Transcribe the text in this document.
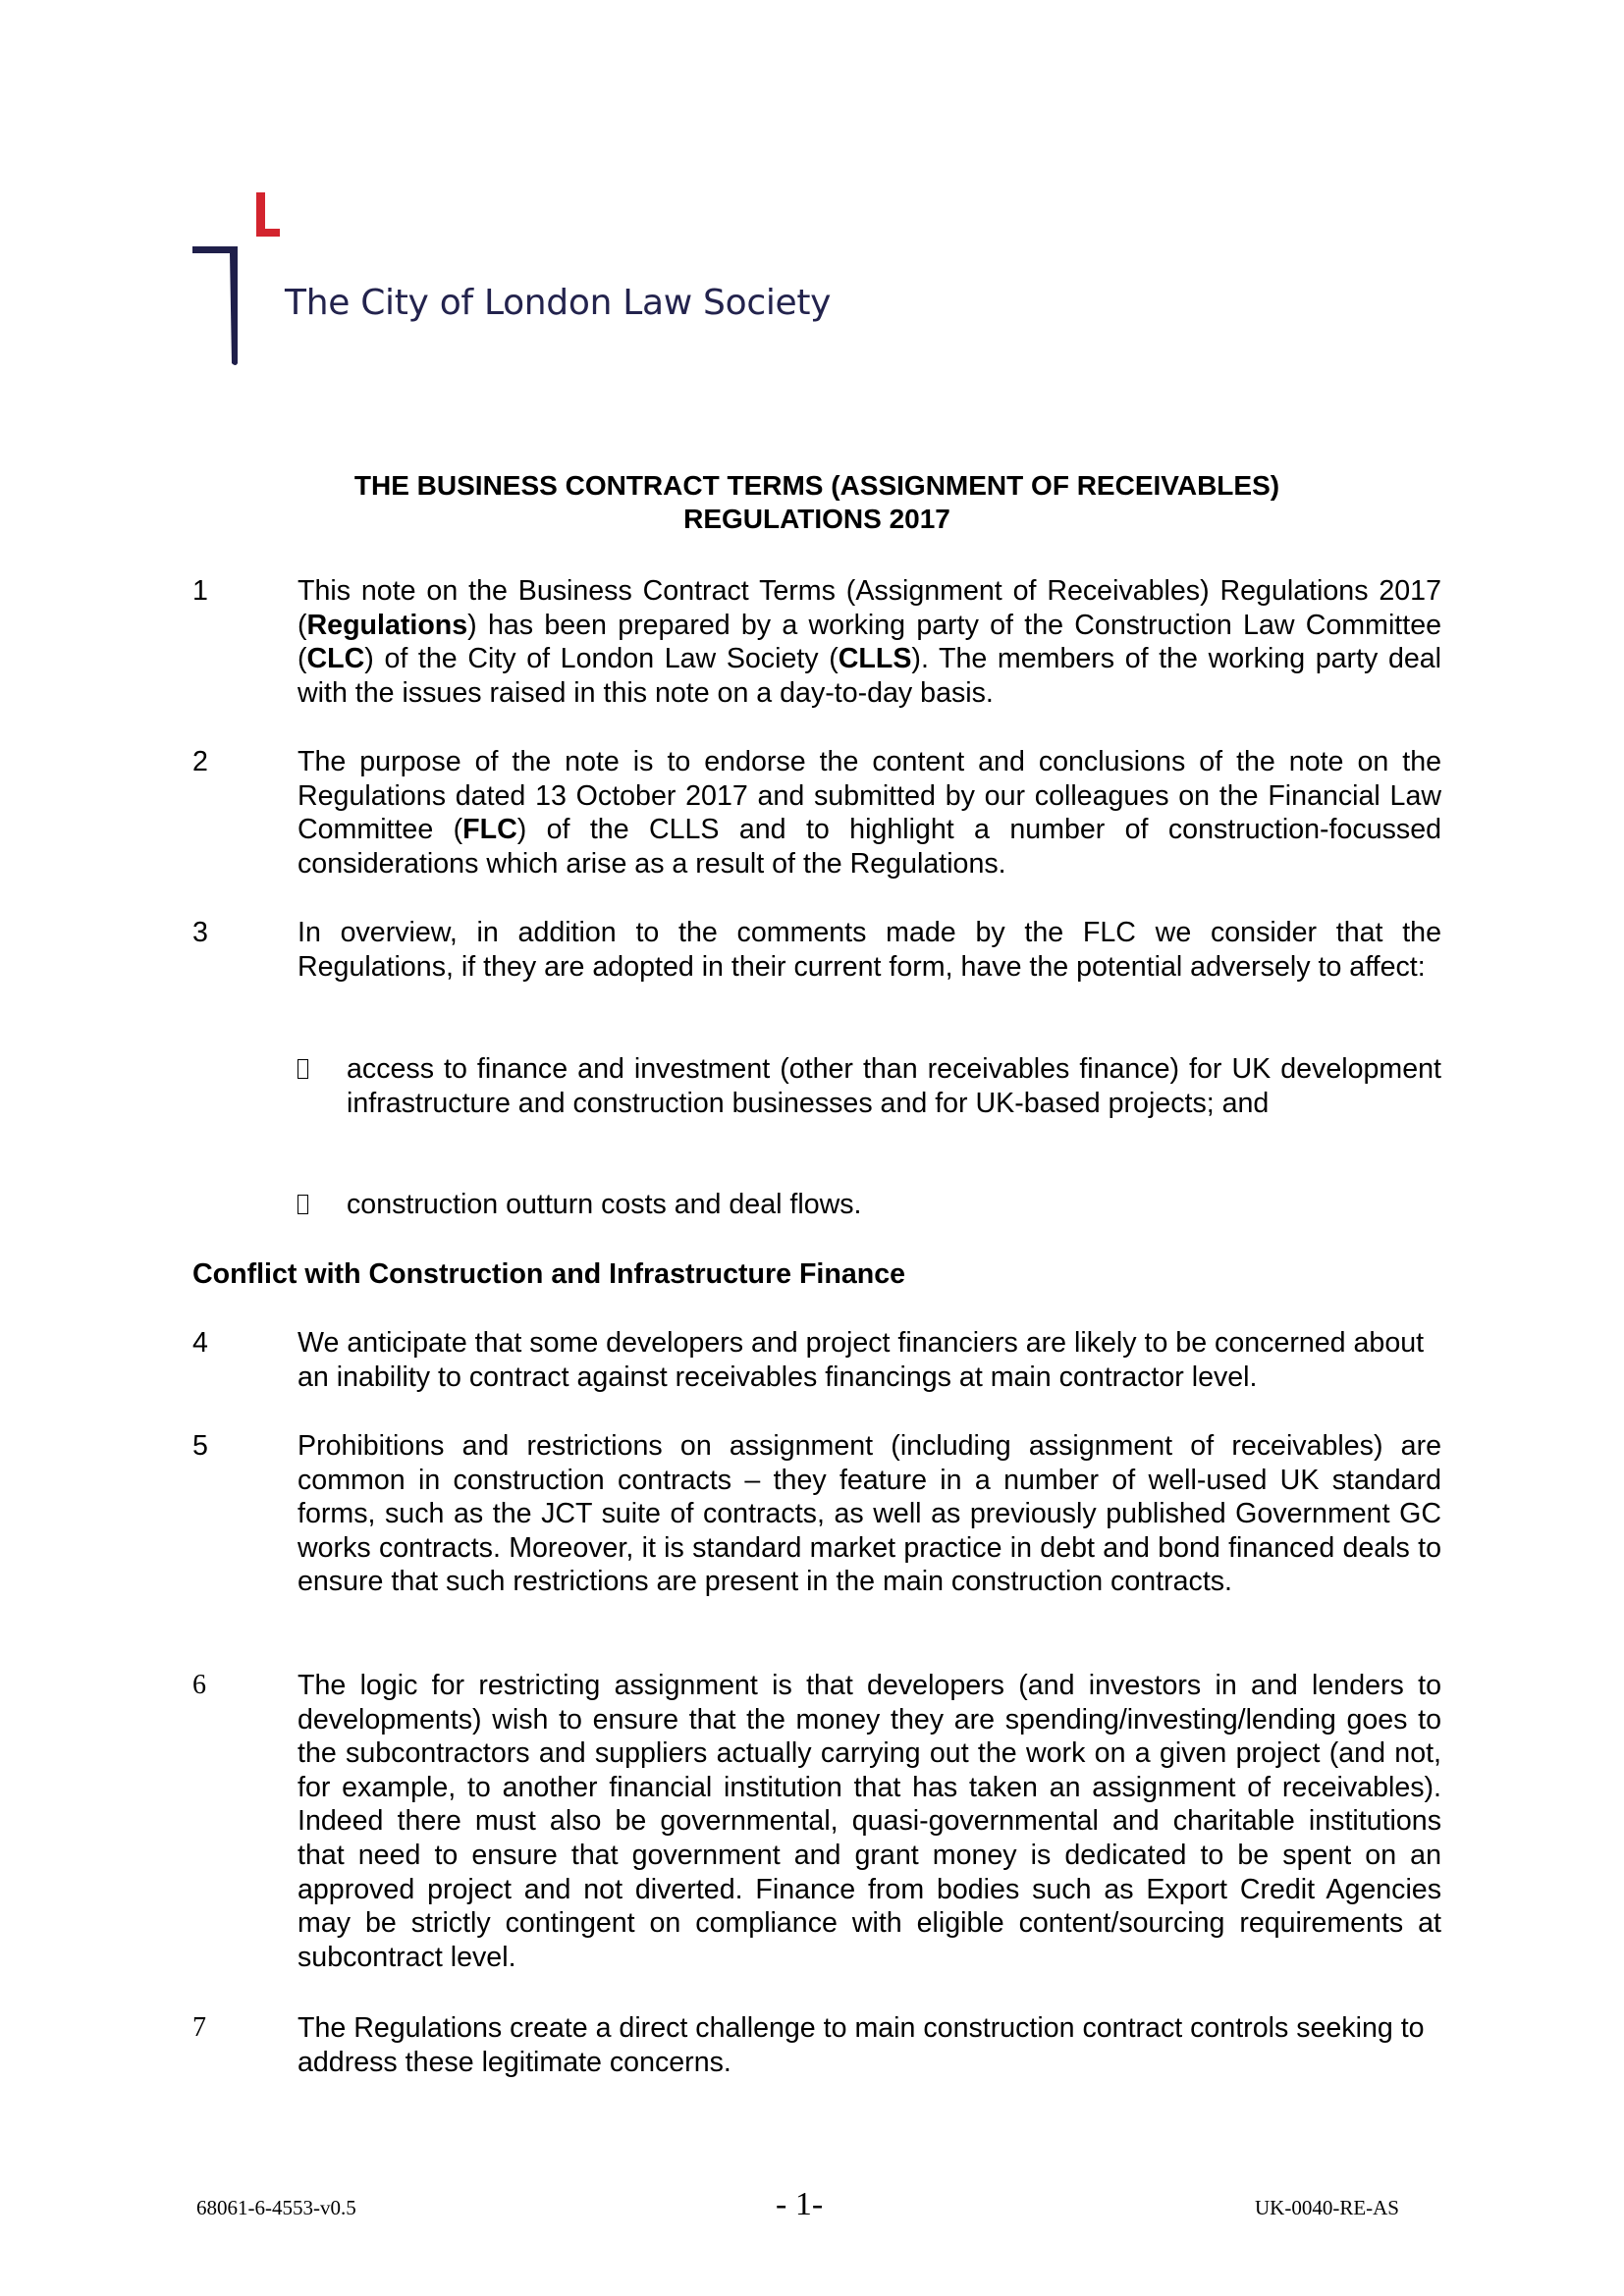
The City of London Law Society
THE BUSINESS CONTRACT TERMS (ASSIGNMENT OF RECEIVABLES)
REGULATIONS 2017
1	This note on the Business Contract Terms (Assignment of Receivables) Regulations 2017 (Regulations) has been prepared by a working party of the Construction Law Committee (CLC) of the City of London Law Society (CLLS). The members of the working party deal with the issues raised in this note on a day-to-day basis.
2	The purpose of the note is to endorse the content and conclusions of the note on the Regulations dated 13 October 2017 and submitted by our colleagues on the Financial Law Committee (FLC) of the CLLS and to highlight a number of construction-focussed considerations which arise as a result of the Regulations.
3	In overview, in addition to the comments made by the FLC we consider that the Regulations, if they are adopted in their current form, have the potential adversely to affect:
access to finance and investment (other than receivables finance) for UK development infrastructure and construction businesses and for UK-based projects; and
construction outturn costs and deal flows.
Conflict with Construction and Infrastructure Finance
4	We anticipate that some developers and project financiers are likely to be concerned about an inability to contract against receivables financings at main contractor level.
5	Prohibitions and restrictions on assignment (including assignment of receivables) are common in construction contracts – they feature in a number of well-used UK standard forms, such as the JCT suite of contracts, as well as previously published Government GC works contracts. Moreover, it is standard market practice in debt and bond financed deals to ensure that such restrictions are present in the main construction contracts.
6	The logic for restricting assignment is that developers (and investors in and lenders to developments) wish to ensure that the money they are spending/investing/lending goes to the subcontractors and suppliers actually carrying out the work on a given project (and not, for example, to another financial institution that has taken an assignment of receivables). Indeed there must also be governmental, quasi-governmental and charitable institutions that need to ensure that government and grant money is dedicated to be spent on an approved project and not diverted. Finance from bodies such as Export Credit Agencies may be strictly contingent on compliance with eligible content/sourcing requirements at subcontract level.
7	The Regulations create a direct challenge to main construction contract controls seeking to address these legitimate concerns.
68061-6-4553-v0.5	- 1-	UK-0040-RE-AS
